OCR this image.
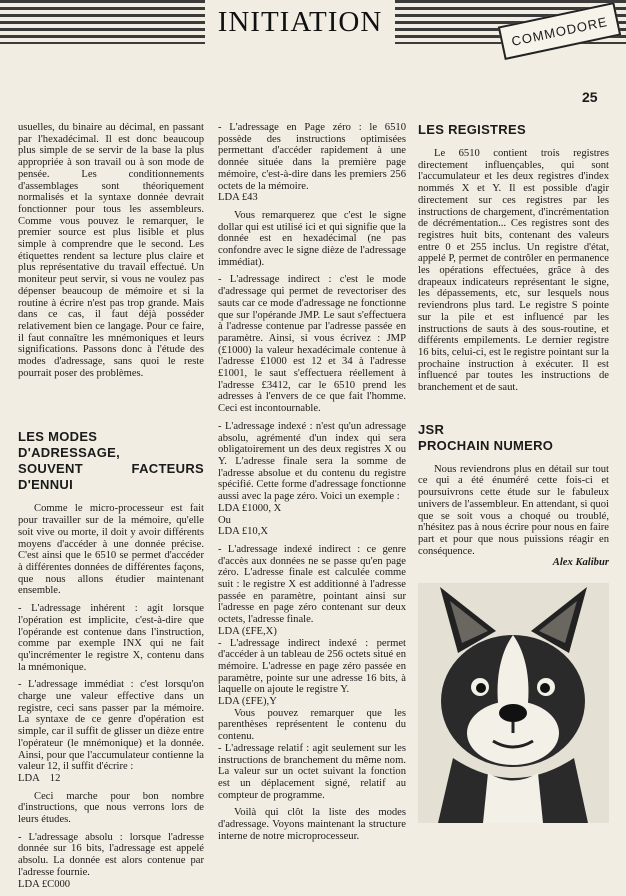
INITIATION	COMMODORE
25

usuelles, du binaire au décimal, en passant par l'hexadécimal. Il est donc beaucoup plus simple de se servir de la base la plus appropriée à son travail ou à son mode de pensée. Les conditionnements d'assemblages sont théoriquement normalisés et la syntaxe donnée devrait fonctionner pour tous les assembleurs. Comme vous pouvez le remarquer, le premier source est plus lisible et plus simple à comprendre que le second. Les étiquettes rendent sa lecture plus claire et plus représentative du travail effectué. Un moniteur peut servir, si vous ne voulez pas dépenser beaucoup de mémoire et si la routine à écrire n'est pas trop grande. Mais dans ce cas, il faut déjà posséder relativement bien ce langage. Pour ce faire, il faut connaître les mnémoniques et leurs significations. Passons donc à l'étude des modes d'adressage, sans quoi le reste pourrait poser des problèmes.

LES MODES
D'ADRESSAGE,
SOUVENT FACTEURS D'ENNUI

Comme le micro-processeur est fait pour travailler sur de la mémoire, qu'elle soit vive ou morte, il doit y avoir différents moyens d'accéder à une donnée précise. C'est ainsi que le 6510 se permet d'accéder à différentes données de différentes façons, que nous allons étudier maintenant ensemble.

- L'adressage inhérent : agit lorsque l'opération est implicite, c'est-à-dire que l'opérande est contenue dans l'instruction, comme par exemple INX qui ne fait qu'incrémenter le registre X, contenu dans la mnémonique.

- L'adressage immédiat : c'est lorsqu'on charge une valeur effective dans un registre, ceci sans passer par la mémoire. La syntaxe de ce genre d'opération est simple, car il suffit de glisser un dièze entre l'opérateur (le mnémonique) et la donnée. Ainsi, pour que l'accumulateur contienne la valeur 12, il suffit d'écrire :

LDA    12

Ceci marche pour bon nombre d'instructions, que nous verrons lors de leurs études.

- L'adressage absolu : lorsque l'adresse donnée sur 16 bits, l'adressage est appelé absolu. La donnée est alors contenue par l'adresse fournie.

LDA £C000

- L'adressage en Page zéro : le 6510 possède des instructions optimisées permettant d'accéder rapidement à une donnée située dans la première page mémoire, c'est-à-dire dans les premiers 256 octets de la mémoire.

LDA £43

Vous remarquerez que c'est le signe dollar qui est utilisé ici et qui signifie que la donnée est en hexadécimal (ne pas confondre avec le signe dièze de l'adressage immédiat).

- L'adressage indirect : c'est le mode d'adressage qui permet de revectoriser des sauts car ce mode d'adressage ne fonctionne que sur l'opérande JMP. Le saut s'effectuera à l'adresse contenue par l'adresse passée en paramètre. Ainsi, si vous écrivez : JMP (£1000) la valeur hexadécimale contenue à l'adresse £1000 est 12 et 34 à l'adresse £1001, le saut s'effectuera réellement à l'adresse £3412, car le 6510 prend les adresses à l'envers de ce que fait l'homme. Ceci est incontournable.

- L'adressage indexé : n'est qu'un adressage absolu, agrémenté d'un index qui sera obligatoirement un des deux registres X ou Y. L'adresse finale sera la somme de l'adresse absolue et du contenu du registre spécifié. Cette forme d'adressage fonctionne aussi avec la page zéro. Voici un exemple :

LDA £1000, X

Ou

LDA £10,X

- L'adressage indexé indirect : ce genre d'accès aux données ne se passe qu'en page zéro. L'adresse finale est calculée comme suit : le registre X est additionné à l'adresse passée en paramètre, pointant ainsi sur l'adresse en page zéro contenant sur deux octets, l'adresse finale.

LDA (£FE,X)

- L'adressage indirect indexé : permet d'accéder à un tableau de 256 octets situé en mémoire. L'adresse en page zéro passée en paramètre, pointe sur une adresse 16 bits, à laquelle on ajoute le registre Y.

LDA (£FE),Y

Vous pouvez remarquer que les parenthèses représentent le contenu du contenu.

- L'adressage relatif : agit seulement sur les instructions de branchement du même nom. La valeur sur un octet suivant la fonction est un déplacement signé, relatif au compteur de programme.

Voilà qui clôt la liste des modes d'adressage. Voyons maintenant la structure interne de notre microprocesseur.

LES REGISTRES

Le 6510 contient trois registres directement influençables, qui sont l'accumulateur et les deux registres d'index nommés X et Y. Il est possible d'agir directement sur ces registres par les instructions de chargement, d'incrémentation de décrémentation... Ces registres sont des registres huit bits, contenant des valeurs entre 0 et 255 inclus. Un registre d'état, appelé P, permet de contrôler en permanence les opérations effectuées, grâce à des drapeaux indicateurs représentant le signe, les dépassements, etc, sur lesquels nous reviendrons plus tard. Le registre S pointe sur la pile et est influencé par les instructions de sauts à des sous-routine, et différents empilements. Le dernier registre 16 bits, celui-ci, est le registre pointant sur la prochaine instruction à exécuter. Il est influencé par toutes les instructions de branchement et de saut.

JSR
PROCHAIN NUMERO

Nous reviendrons plus en détail sur tout ce qui a été énuméré cette fois-ci et poursuivrons cette étude sur le fabuleux univers de l'assembleur. En attendant, si quoi que se soit vous a choqué ou troublé, n'hésitez pas à nous écrire pour nous en faire part et pour que nous puissions réagir en conséquence.

Alex Kalibur
